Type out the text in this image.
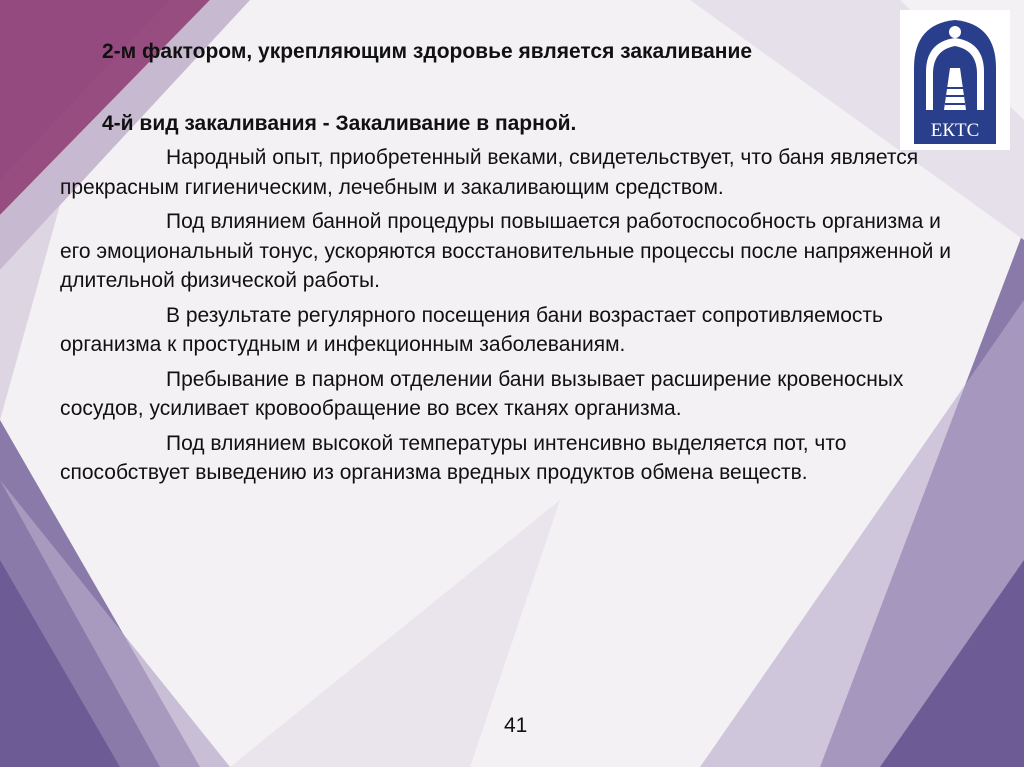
ЕКТС
2-м фактором, укрепляющим здоровье является закаливание
4-й вид закаливания - Закаливание в парной.

Народный опыт, приобретенный веками, свидетельствует, что баня является прекрасным гигиеническим, лечебным и закаливающим средством.

Под влиянием банной процедуры повышается работоспособность организма и его эмоциональный тонус, ускоряются восстановительные процессы после напряженной и длительной физической работы.

В результате регулярного посещения бани возрастает сопротивляемость организма к простудным и инфекционным заболеваниям.

Пребывание в парном отделении бани вызывает расширение кровеносных сосудов, усиливает кровообращение во всех тканях организма.

Под влиянием высокой температуры интенсивно выделяется пот, что способствует выведению из организма вредных продуктов обмена веществ.

41
